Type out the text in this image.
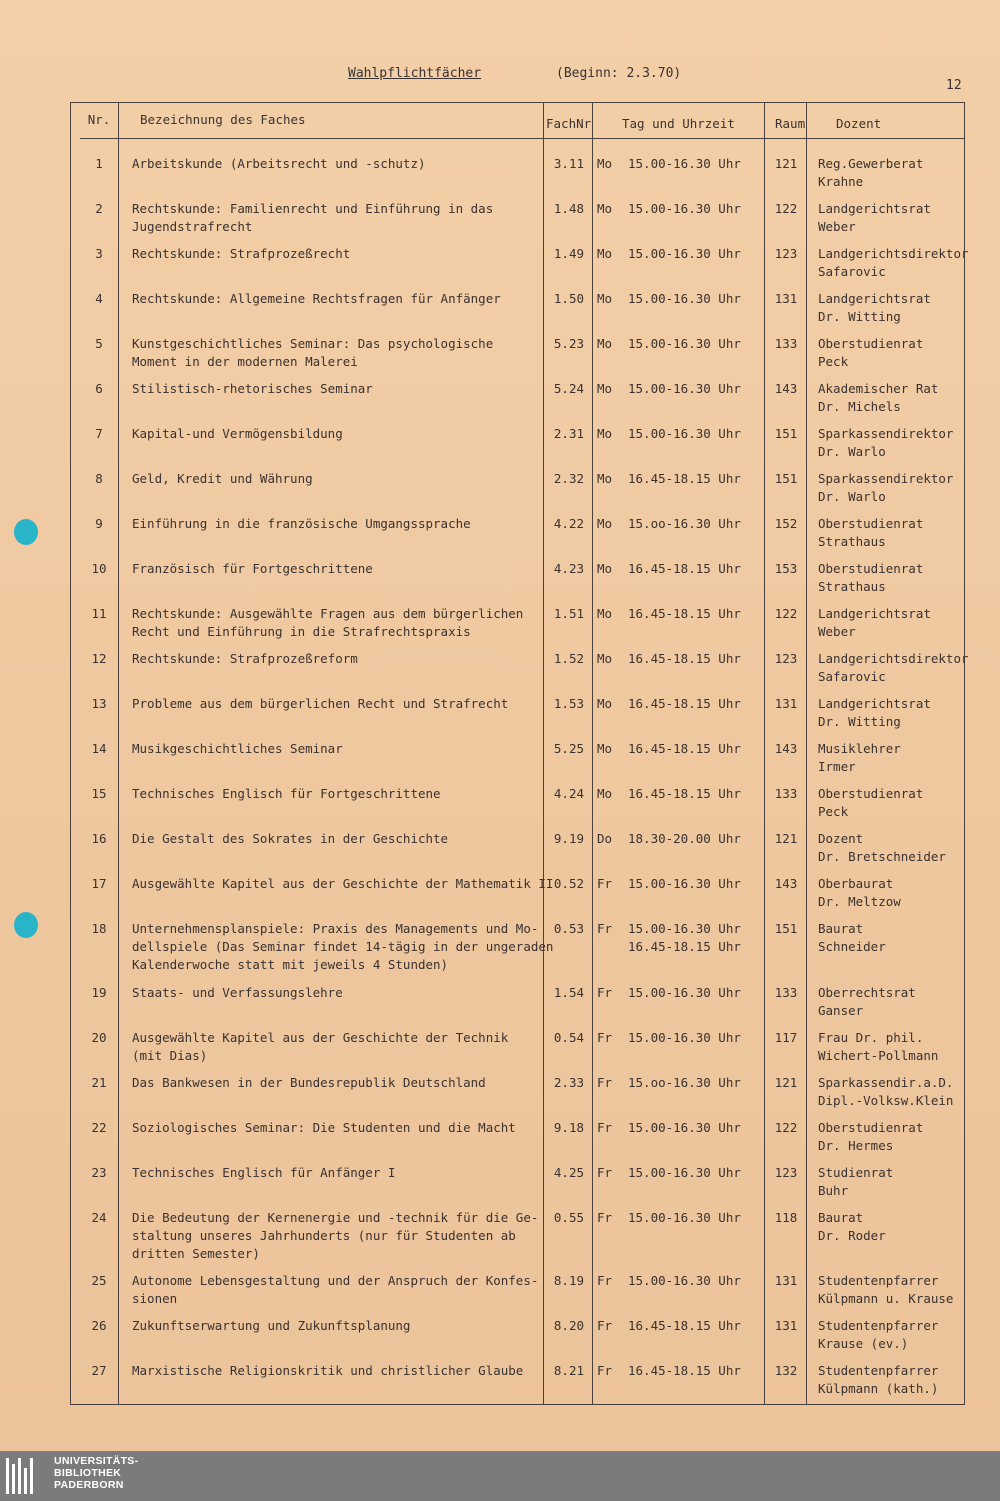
Wahlpflichtfächer	(Beginn: 2.3.70)
12
Nr. Bezeichnung des Faches	FachNr Tag und Uhrzeit	Raum Dozent
1	Arbeitskunde (Arbeitsrecht und -schutz)	3.11 Mo 15.00-16.30 Uhr	121	Reg.Gewerberat
Krahne
2	Rechtskunde: Familienrecht und Einführung in das
Jugendstrafrecht
1.48 Mo 15.00-16.30 Uhr	122	Landgerichtsrat
Weber
3	Rechtskunde: Strafprozeßrecht	1.49 Mo 15.00-16.30 Uhr	123	Landgerichtsdirektor
Safarovic
4	Rechtskunde: Allgemeine Rechtsfragen für Anfänger	1.50 Mo 15.00-16.30 Uhr	131	Landgerichtsrat
Dr. Witting
5	Kunstgeschichtliches Seminar: Das psychologische
Moment in der modernen Malerei
5.23 Mo 15.00-16.30 Uhr	133	Oberstudienrat
Peck
6	Stilistisch-rhetorisches Seminar	5.24 Mo 15.00-16.30 Uhr	143	Akademischer Rat
Dr. Michels
7	Kapital-und Vermögensbildung	2.31 Mo 15.00-16.30 Uhr	151	Sparkassendirektor
Dr. Warlo
8	Geld, Kredit und Währung	2.32 Mo 16.45-18.15 Uhr	151	Sparkassendirektor
Dr. Warlo
9	Einführung in die französische Umgangssprache	4.22 Mo 15.oo-16.30 Uhr	152	Oberstudienrat
Strathaus
10	Französisch für Fortgeschrittene	4.23 Mo 16.45-18.15 Uhr	153	Oberstudienrat
Strathaus
11	Rechtskunde: Ausgewählte Fragen aus dem bürgerlichen
Recht und Einführung in die Strafrechtspraxis
1.51 Mo 16.45-18.15 Uhr	122	Landgerichtsrat
Weber
12	Rechtskunde: Strafprozeßreform	1.52 Mo 16.45-18.15 Uhr	123	Landgerichtsdirektor
Safarovic
13	Probleme aus dem bürgerlichen Recht und Strafrecht	1.53 Mo 16.45-18.15 Uhr	131	Landgerichtsrat
Dr. Witting
14	Musikgeschichtliches Seminar	5.25 Mo 16.45-18.15 Uhr	143	Musiklehrer
Irmer
15	Technisches Englisch für Fortgeschrittene	4.24 Mo 16.45-18.15 Uhr	133	Oberstudienrat
Peck
16	Die Gestalt des Sokrates in der Geschichte	9.19 Do 18.30-20.00 Uhr	121	Dozent
Dr. Bretschneider
17	Ausgewählte Kapitel aus der Geschichte der Mathematik II 0.52 Fr 15.00-16.30 Uhr	143	Oberbaurat
Dr. Meltzow
18	Unternehmensplanspiele: Praxis des Managements und Mo-
dellspiele (Das Seminar findet 14-tägig in der ungeraden
Kalenderwoche statt mit jeweils 4 Stunden)
0.53 Fr 15.00-16.30 Uhr
16.45-18.15 Uhr
151	Baurat
Schneider
19	Staats- und Verfassungslehre	1.54 Fr 15.00-16.30 Uhr	133	Oberrechtsrat
Ganser
20	Ausgewählte Kapitel aus der Geschichte der Technik
(mit Dias)
0.54 Fr 15.00-16.30 Uhr	117	Frau Dr. phil.
Wichert-Pollmann
21	Das Bankwesen in der Bundesrepublik Deutschland	2.33 Fr 15.oo-16.30 Uhr	121	Sparkassendir.a.D.
Dipl.-Volksw.Klein
22	Soziologisches Seminar: Die Studenten und die Macht	9.18 Fr 15.00-16.30 Uhr	122	Oberstudienrat
Dr. Hermes
23	Technisches Englisch für Anfänger I	4.25 Fr 15.00-16.30 Uhr	123	Studienrat
Buhr
24	Die Bedeutung der Kernenergie und -technik für die Ge-
staltung unseres Jahrhunderts (nur für Studenten ab
dritten Semester)
0.55 Fr 15.00-16.30 Uhr	118	Baurat
Dr. Roder
25	Autonome Lebensgestaltung und der Anspruch der Konfes-
sionen
8.19 Fr 15.00-16.30 Uhr	131	Studentenpfarrer
Külpmann u. Krause
26	Zukunftserwartung und Zukunftsplanung	8.20 Fr 16.45-18.15 Uhr	131	Studentenpfarrer
Krause (ev.)
27	Marxistische Religionskritik und christlicher Glaube	8.21 Fr 16.45-18.15 Uhr	132	Studentenpfarrer
Külpmann (kath.)
UNIVERSITÄTS-
BIBLIOTHEK
PADERBORN
